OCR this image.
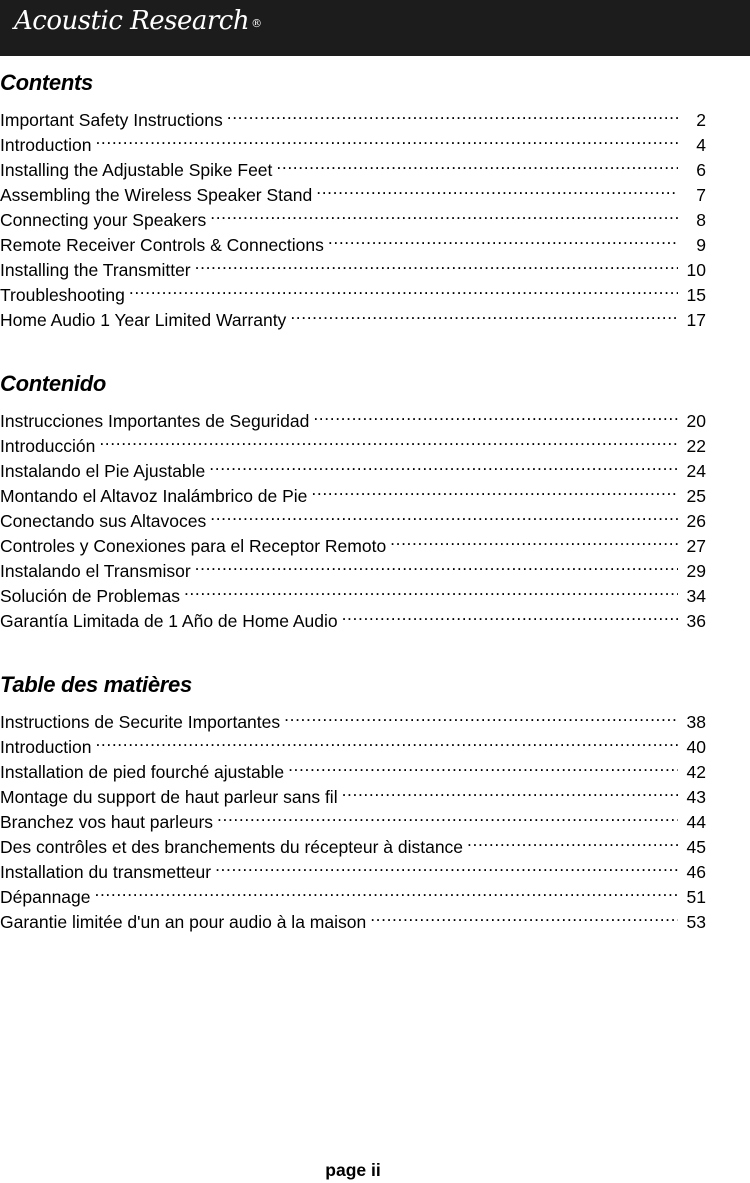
Acoustic Research ®
Contents
Important Safety Instructions .....	2
Introduction .....	4
Installing the Adjustable Spike Feet .....	6
Assembling the Wireless Speaker Stand .....	7
Connecting your Speakers .....	8
Remote Receiver Controls & Connections .....	9
Installing the Transmitter .....	10
Troubleshooting .....	15
Home Audio 1 Year Limited Warranty .....	17
Contenido
Instrucciones Importantes de Seguridad .....	20
Introducción .....	22
Instalando el Pie Ajustable .....	24
Montando el Altavoz Inalámbrico de Pie .....	25
Conectando sus Altavoces .....	26
Controles y Conexiones para el Receptor Remoto .....	27
Instalando el Transmisor .....	29
Solución de Problemas .....	34
Garantía Limitada de 1 Año de Home Audio .....	36
Table des matières
Instructions de Securite Importantes .....	38
Introduction .....	40
Installation de pied fourché ajustable .....	42
Montage du support de haut parleur sans fil .....	43
Branchez vos haut parleurs .....	44
Des contrôles et des branchements du récepteur à distance .....	45
Installation du transmetteur .....	46
Dépannage .....	51
Garantie limitée d'un an pour audio à la maison .....	53
page ii
